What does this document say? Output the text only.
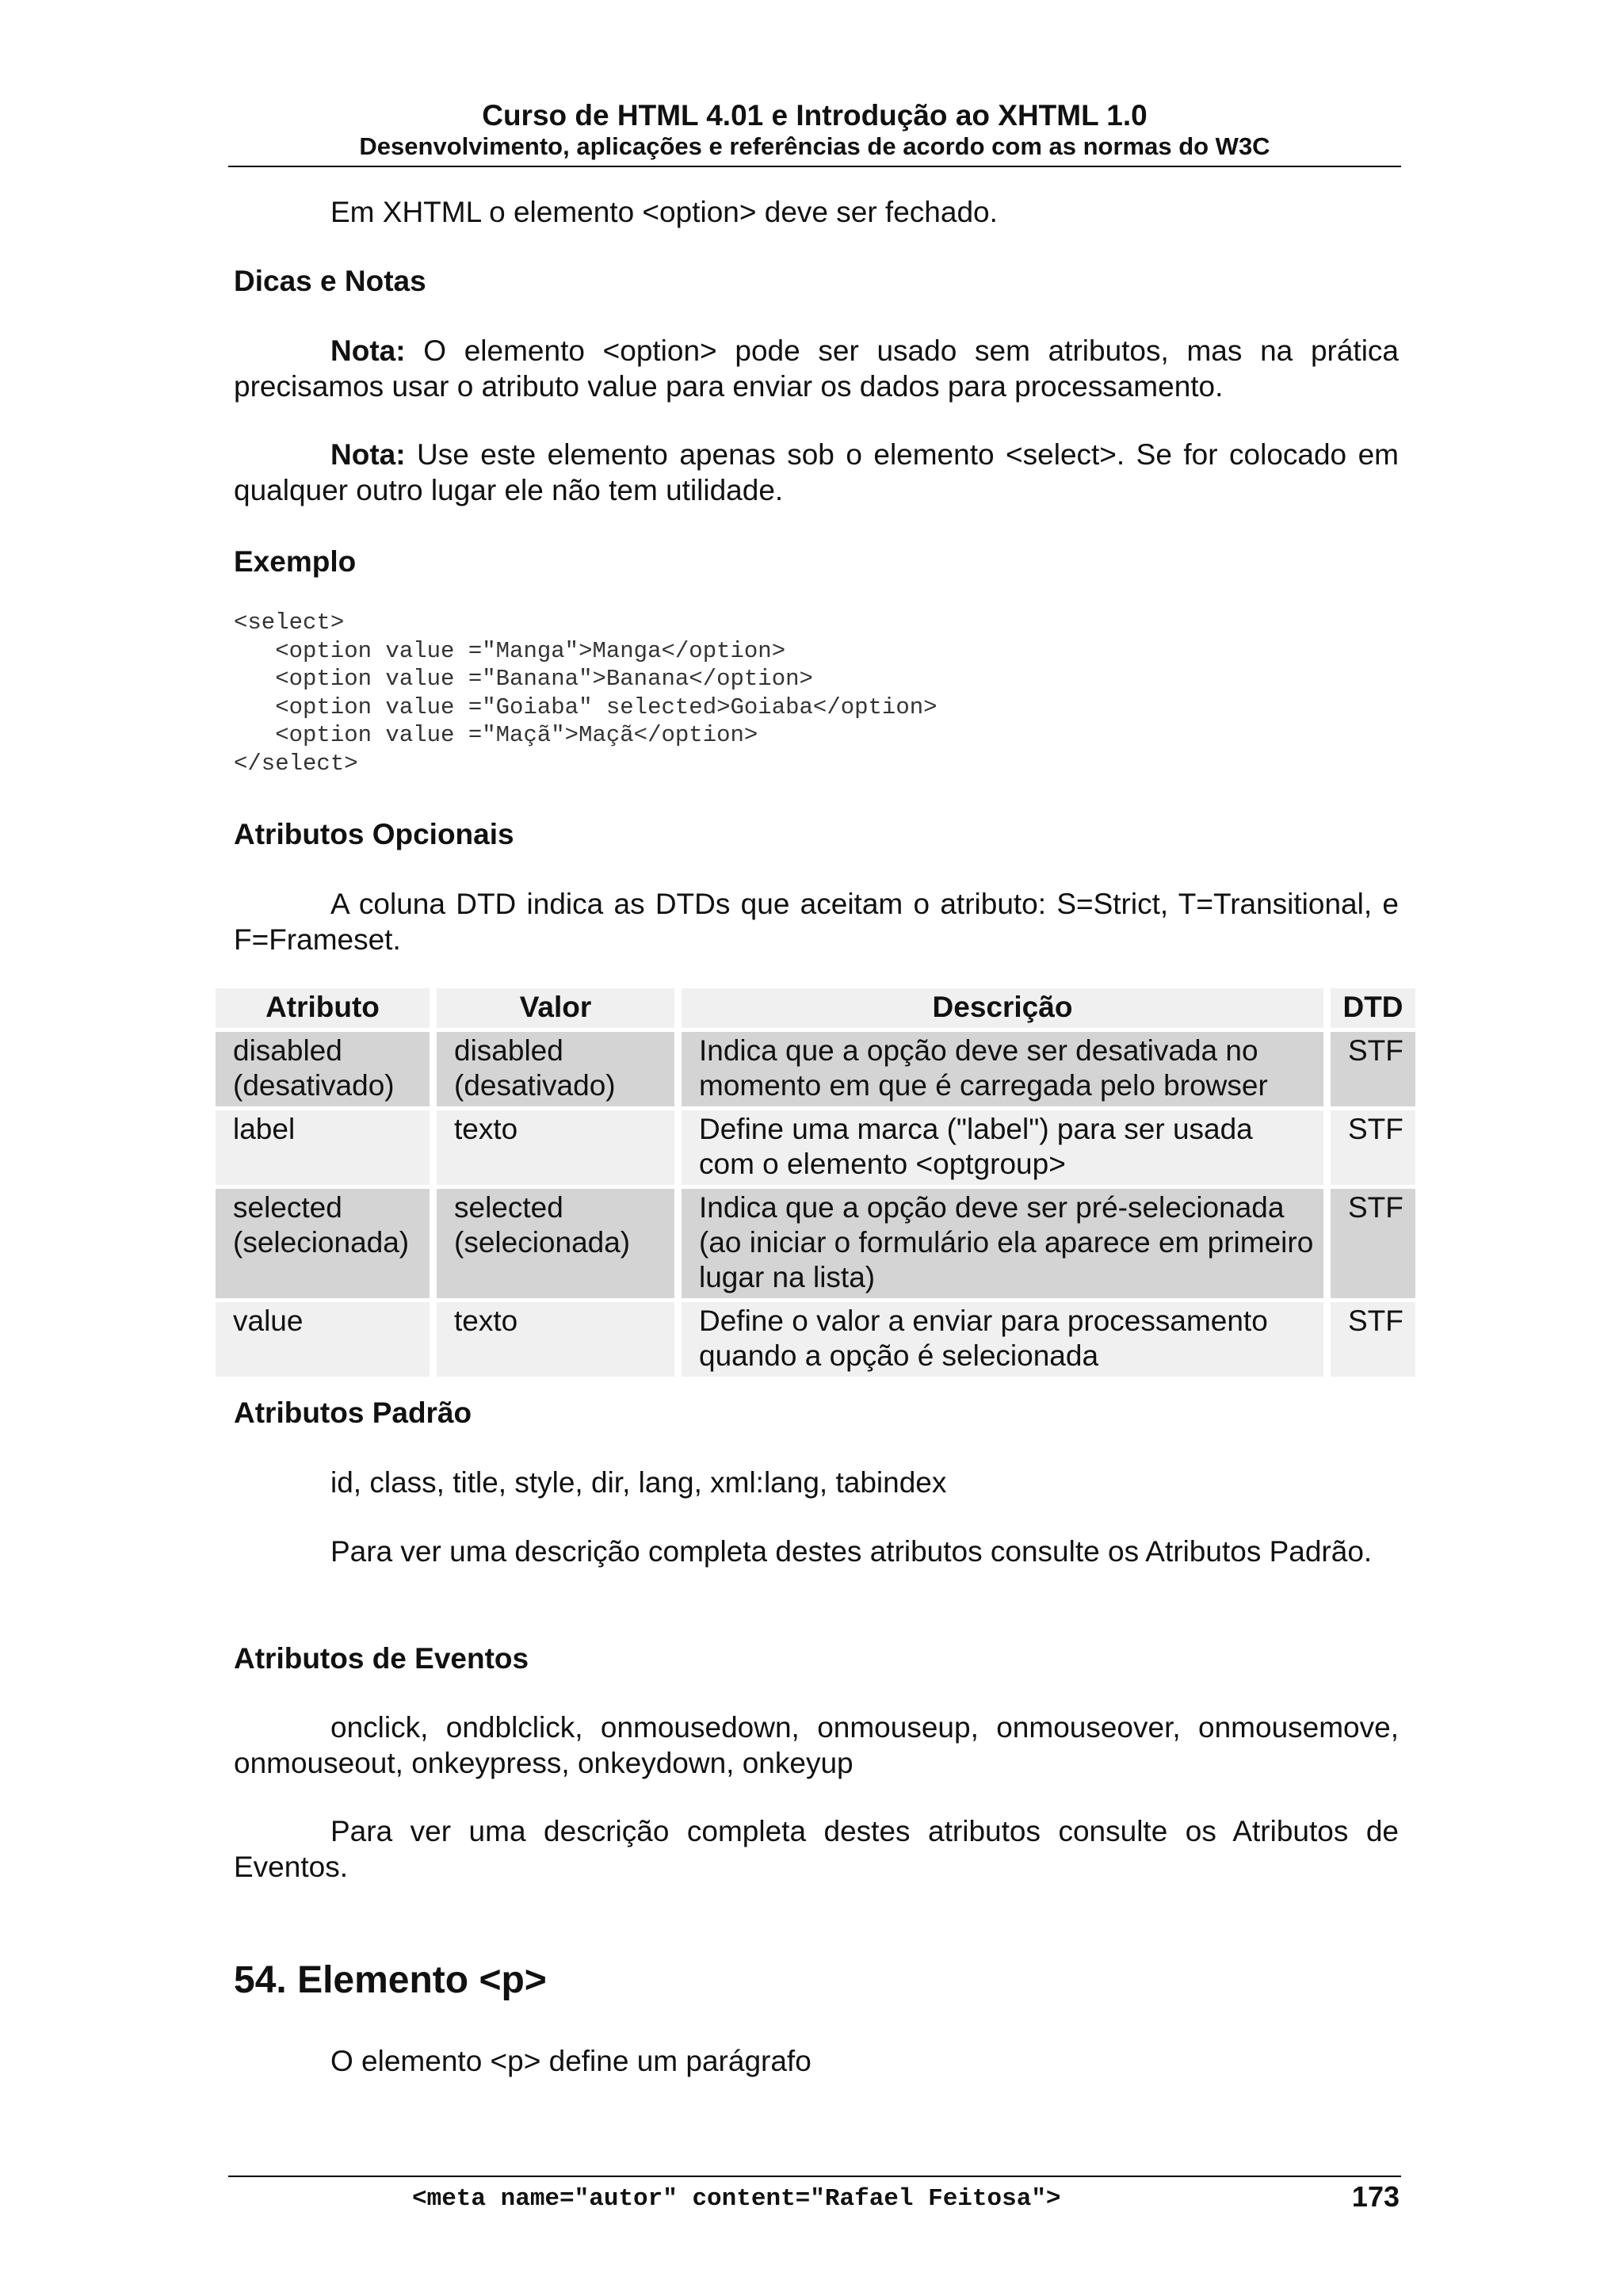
Curso de HTML 4.01 e Introdução ao XHTML 1.0
Desenvolvimento, aplicações e referências de acordo com as normas do W3C
Em XHTML o elemento <option> deve ser fechado.
Dicas e Notas
Nota: O elemento <option> pode ser usado sem atributos, mas na prática precisamos usar o atributo value para enviar os dados para processamento.
Nota: Use este elemento apenas sob o elemento <select>. Se for colocado em qualquer outro lugar ele não tem utilidade.
Exemplo
<select>
<option value ="Manga">Manga</option>
<option value ="Banana">Banana</option>
<option value ="Goiaba" selected>Goiaba</option>
<option value ="Maçã">Maçã</option>
</select>
Atributos Opcionais
A coluna DTD indica as DTDs que aceitam o atributo: S=Strict, T=Transitional, e F=Frameset.
Atributo	Valor	Descrição	DTD
disabled (desativado)	disabled (desativado)	Indica que a opção deve ser desativada no momento em que é carregada pelo browser	STF
label	texto	Define uma marca ("label") para ser usada com o elemento <optgroup>	STF
selected (selecionada)	selected (selecionada)	Indica que a opção deve ser pré-selecionada (ao iniciar o formulário ela aparece em primeiro lugar na lista)	STF
value	texto	Define o valor a enviar para processamento quando a opção é selecionada	STF
Atributos Padrão
id, class, title, style, dir, lang, xml:lang, tabindex
Para ver uma descrição completa destes atributos consulte os Atributos Padrão.
Atributos de Eventos
onclick, ondblclick, onmousedown, onmouseup, onmouseover, onmousemove, onmouseout, onkeypress, onkeydown, onkeyup
Para ver uma descrição completa destes atributos consulte os Atributos de Eventos.
54. Elemento <p>
O elemento <p> define um parágrafo
<meta name="autor" content="Rafael Feitosa">	173
